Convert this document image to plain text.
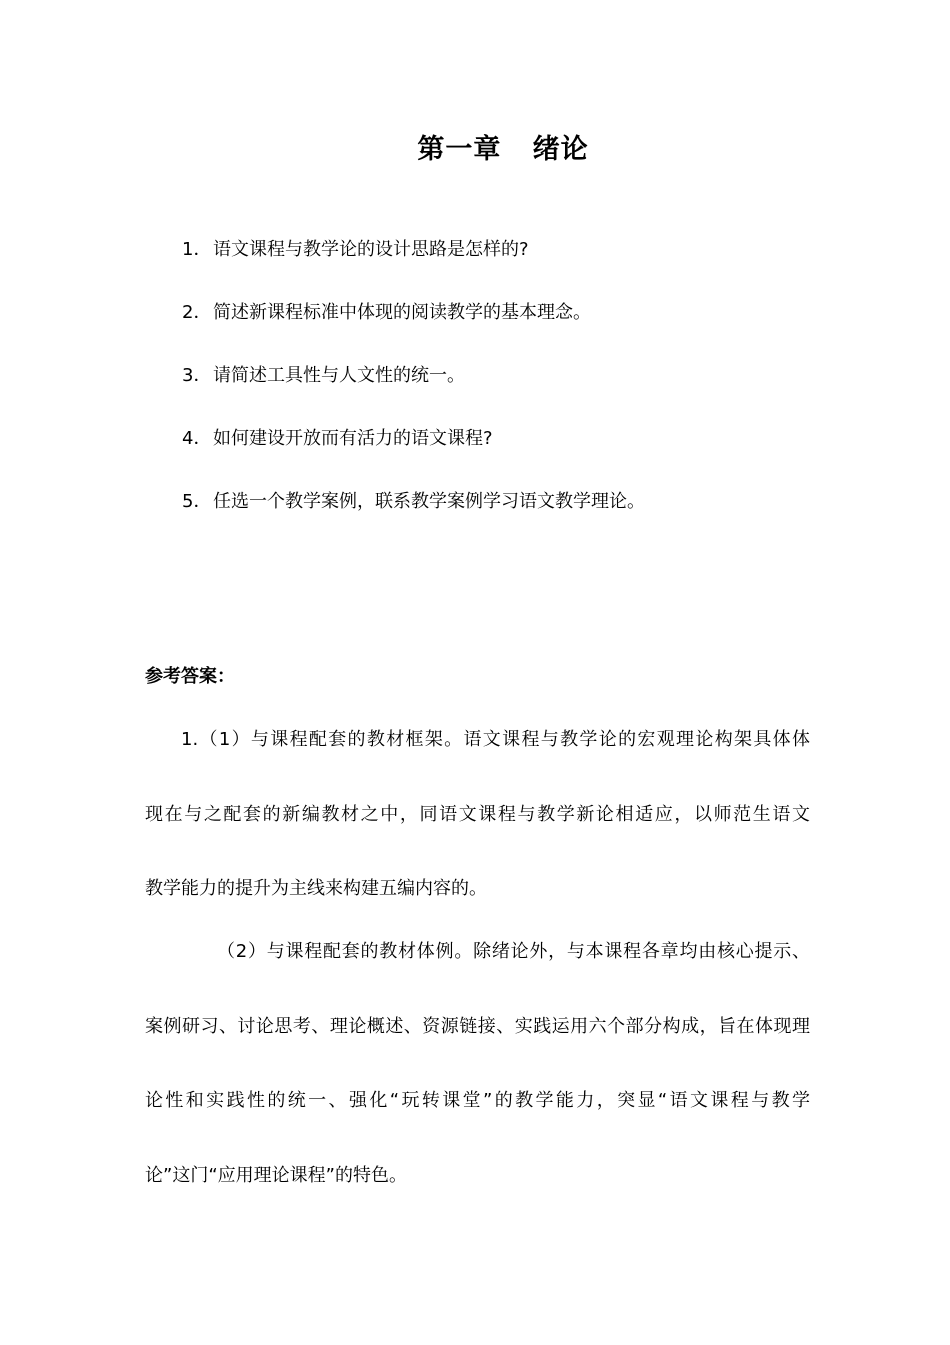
第一章   绪论
1．语文课程与教学论的设计思路是怎样的?
2．简述新课程标准中体现的阅读教学的基本理念。
3．请简述工具性与人文性的统一。
4．如何建设开放而有活力的语文课程?
5．任选一个教学案例，联系教学案例学习语文教学理论。
参考答案：
1.（1）与课程配套的教材框架。语文课程与教学论的宏观理论构架具体体
现在与之配套的新编教材之中，同语文课程与教学新论相适应，以师范生语文
教学能力的提升为主线来构建五编内容的。
（2）与课程配套的教材体例。除绪论外，与本课程各章均由核心提示、
案例研习、讨论思考、理论概述、资源链接、实践运用六个部分构成，旨在体现理
论性和实践性的统一、强化“玩转课堂”的教学能力，突显“语文课程与教学
论”这门“应用理论课程”的特色。
